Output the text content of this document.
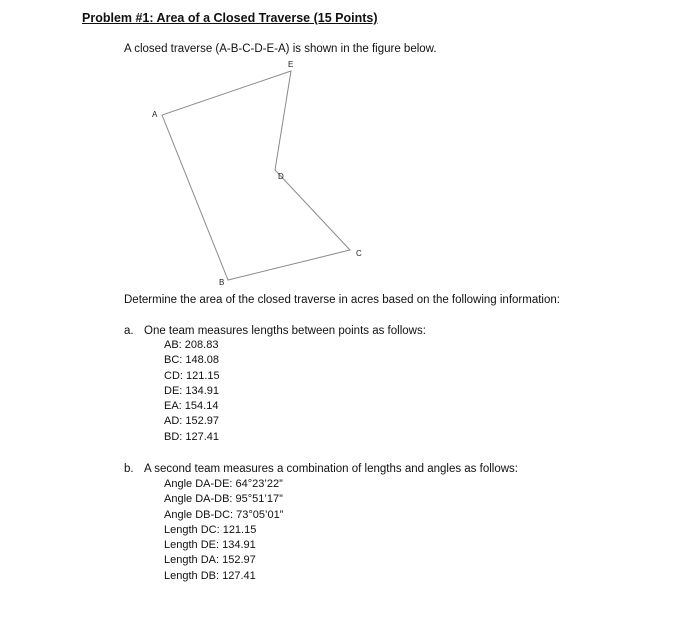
Problem #1: Area of a Closed Traverse (15 Points)
A closed traverse (A-B-C-D-E-A) is shown in the figure below.
E
A
D
C
B
Determine the area of the closed traverse in acres based on the following information:
a. One team measures lengths between points as follows:
AB: 208.83
BC: 148.08
CD: 121.15
DE: 134.91
EA: 154.14
AD: 152.97
BD: 127.41
b. A second team measures a combination of lengths and angles as follows:
Angle DA-DE: 64°23’22”
Angle DA-DB: 95°51’17”
Angle DB-DC: 73°05’01”
Length DC: 121.15
Length DE: 134.91
Length DA: 152.97
Length DB: 127.41
